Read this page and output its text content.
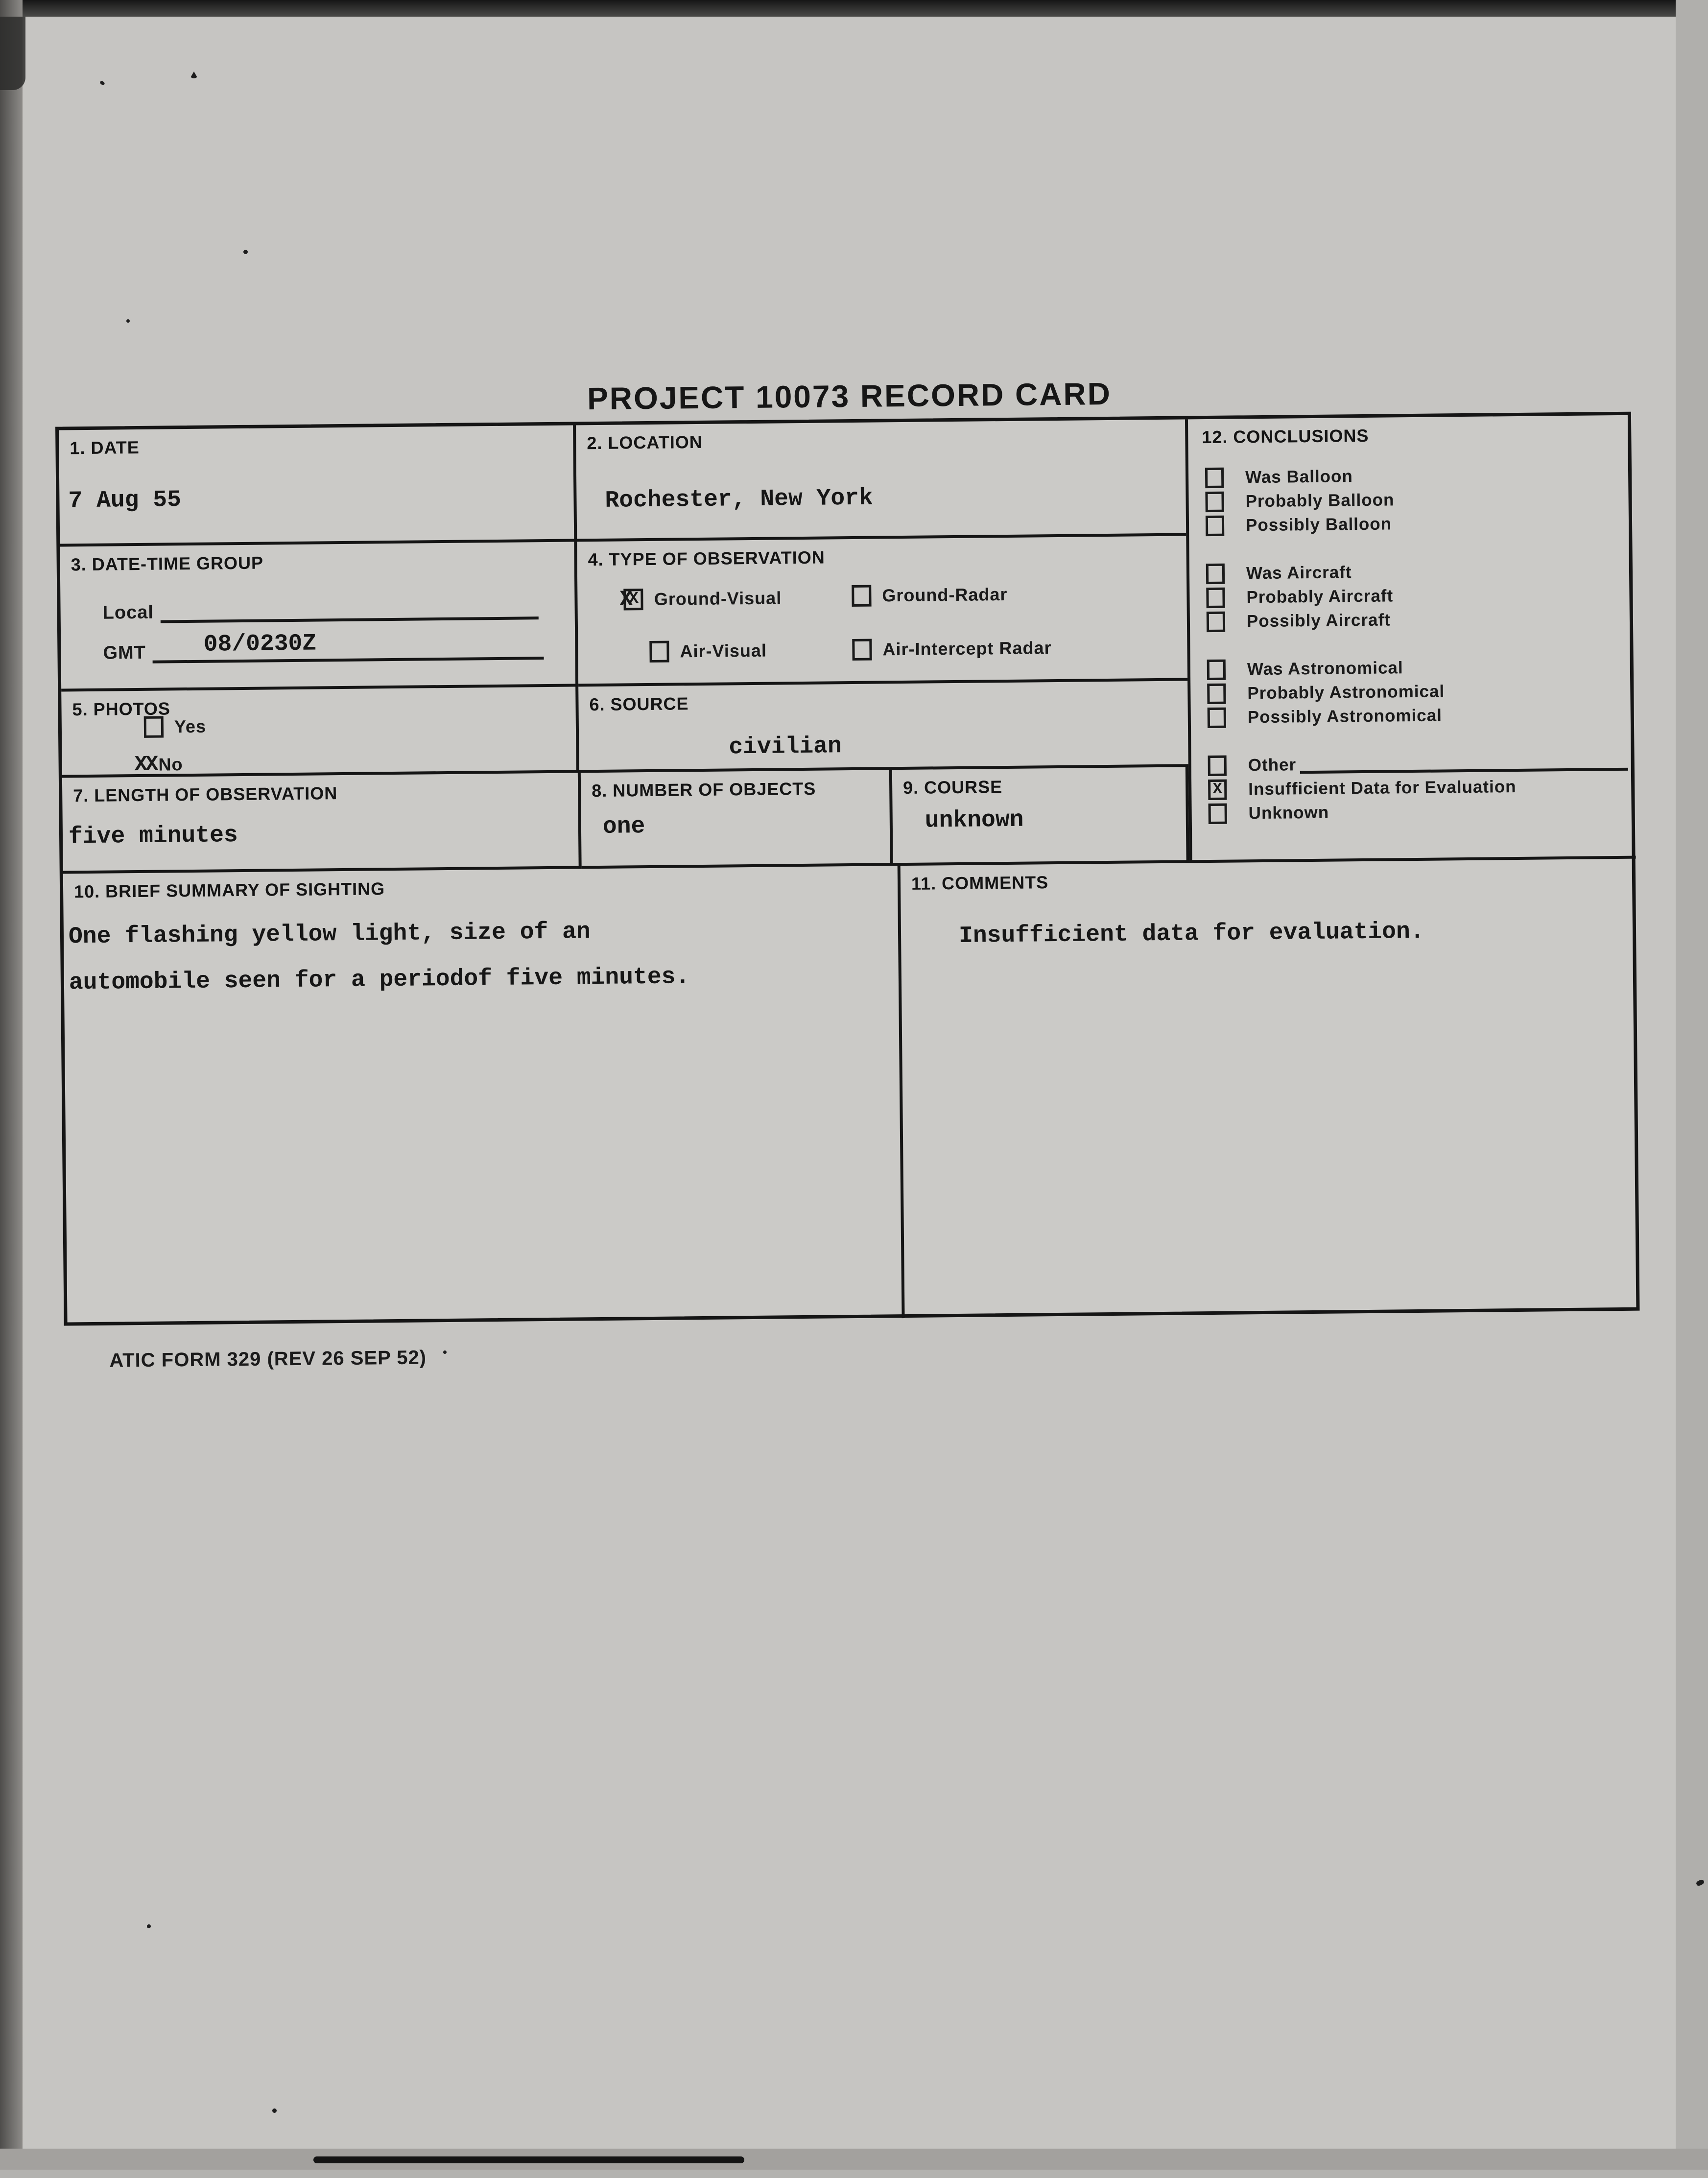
PROJECT 10073 RECORD CARD
1. DATE
7 Aug 55
2. LOCATION
Rochester, New York
3. DATE-TIME GROUP
Local
GMT 08/0230Z
4. TYPE OF OBSERVATION
X
X Ground-Visual	Ground-Radar
Air-Visual	Air-Intercept Radar
5. PHOTOS
Yes
XX No
6. SOURCE
civilian
7. LENGTH OF OBSERVATION
five minutes
8. NUMBER OF OBJECTS
one
9. COURSE
unknown
12. CONCLUSIONS
Was Balloon
Probably Balloon
Possibly Balloon
Was Aircraft
Probably Aircraft
Possibly Aircraft
Was Astronomical
Probably Astronomical
Possibly Astronomical
Other
X Insufficient Data for Evaluation
Unknown
10. BRIEF SUMMARY OF SIGHTING
One flashing yellow light, size of an
automobile seen for a periodof five minutes.
11. COMMENTS
Insufficient data for evaluation.
ATIC FORM 329 (REV 26 SEP 52)
